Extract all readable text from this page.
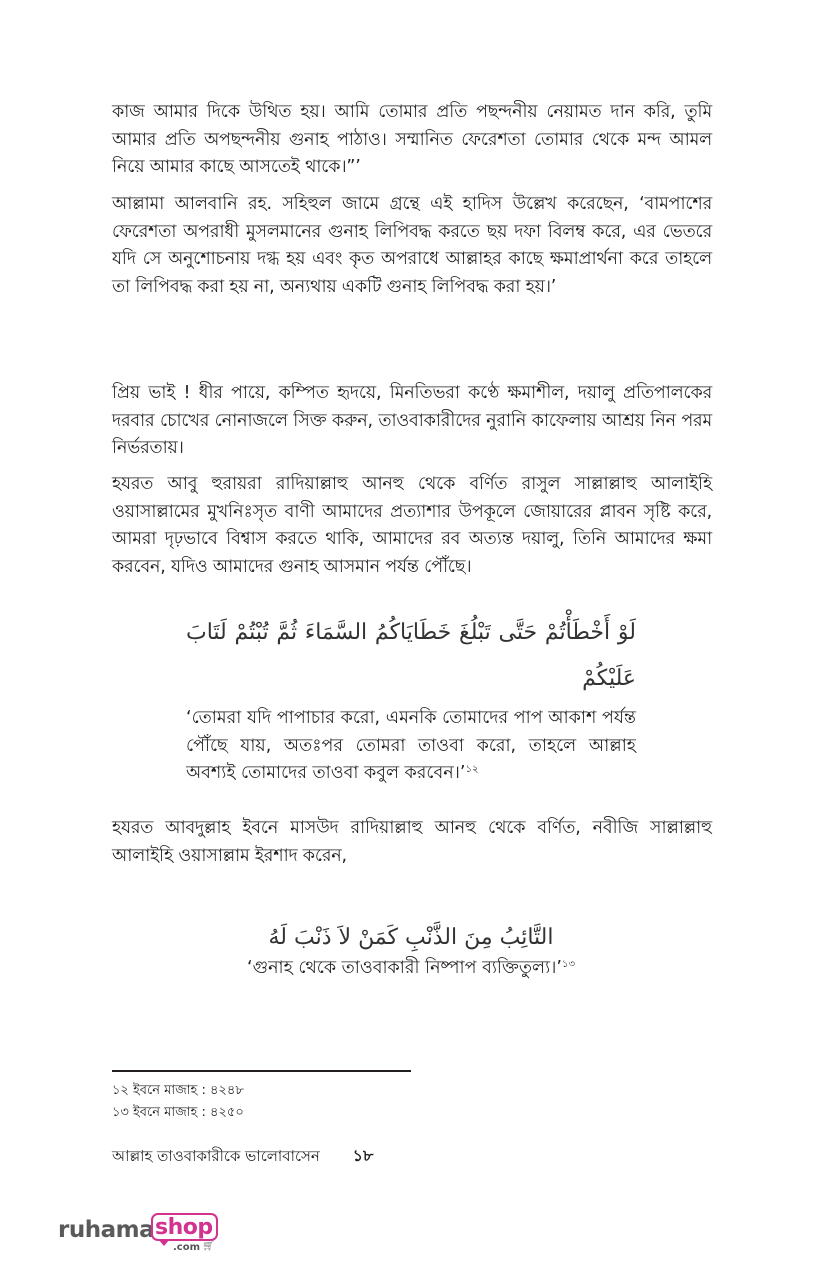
কাজ আমার দিকে উথিত হয়। আমি তোমার প্রতি পছন্দনীয় নেয়ামত দান করি, তুমি আমার প্রতি অপছন্দনীয় গুনাহ পাঠাও। সম্মানিত ফেরেশতা তোমার থেকে মন্দ আমল নিয়ে আমার কাছে আসতেই থাকে।”’

আল্লামা আলবানি রহ. সহিহুল জামে গ্রন্থে এই হাদিস উল্লেখ করেছেন, ‘বামপাশের ফেরেশতা অপরাধী মুসলমানের গুনাহ লিপিবদ্ধ করতে ছয় দফা বিলম্ব করে, এর ভেতরে যদি সে অনুশোচনায় দগ্ধ হয় এবং কৃত অপরাধে আল্লাহর কাছে ক্ষমাপ্রার্থনা করে তাহলে তা লিপিবদ্ধ করা হয় না, অন্যথায় একটি গুনাহ লিপিবদ্ধ করা হয়।’

প্রিয় ভাই ! ধীর পায়ে, কম্পিত হৃদয়ে, মিনতিভরা কণ্ঠে ক্ষমাশীল, দয়ালু প্রতিপালকের দরবার চোখের নোনাজলে সিক্ত করুন, তাওবাকারীদের নুরানি কাফেলায় আশ্রয় নিন পরম নির্ভরতায়।

হযরত আবু হুরায়রা রাদিয়াল্লাহু আনহু থেকে বর্ণিত রাসুল সাল্লাল্লাহু আলাইহি ওয়াসাল্লামের মুখনিঃসৃত বাণী আমাদের প্রত্যাশার উপকূলে জোয়ারের প্লাবন সৃষ্টি করে, আমরা দৃঢ়ভাবে বিশ্বাস করতে থাকি, আমাদের রব অত্যন্ত দয়ালু, তিনি আমাদের ক্ষমা করবেন, যদিও আমাদের গুনাহ আসমান পর্যন্ত পৌঁছে।

لَوْ أَخْطَأْتُمْ حَتَّى تَبْلُغَ خَطَايَاكُمُ السَّمَاءَ ثُمَّ تُبْتُمْ لَتَابَ عَلَيْكُمْ

‘তোমরা যদি পাপাচার করো, এমনকি তোমাদের পাপ আকাশ পর্যন্ত পৌঁছে যায়, অতঃপর তোমরা তাওবা করো, তাহলে আল্লাহ অবশ্যই তোমাদের তাওবা কবুল করবেন।’$^{১২}$

হযরত আবদুল্লাহ ইবনে মাসউদ রাদিয়াল্লাহু আনহু থেকে বর্ণিত, নবীজি সাল্লাল্লাহু আলাইহি ওয়াসাল্লাম ইরশাদ করেন,

التَّائِبُ مِنَ الذَّنْبِ كَمَنْ لاَ ذَنْبَ لَهُ

‘গুনাহ থেকে তাওবাকারী নিষ্পাপ ব্যক্তিতুল্য।’$^{১৩}$

১২ ইবনে মাজাহ : ৪২৪৮
১৩ ইবনে মাজাহ : ৪২৫০
আল্লাহ তাওবাকারীকে ভালোবাসেন ১৮
ruhama shop
.com 🛒︎
